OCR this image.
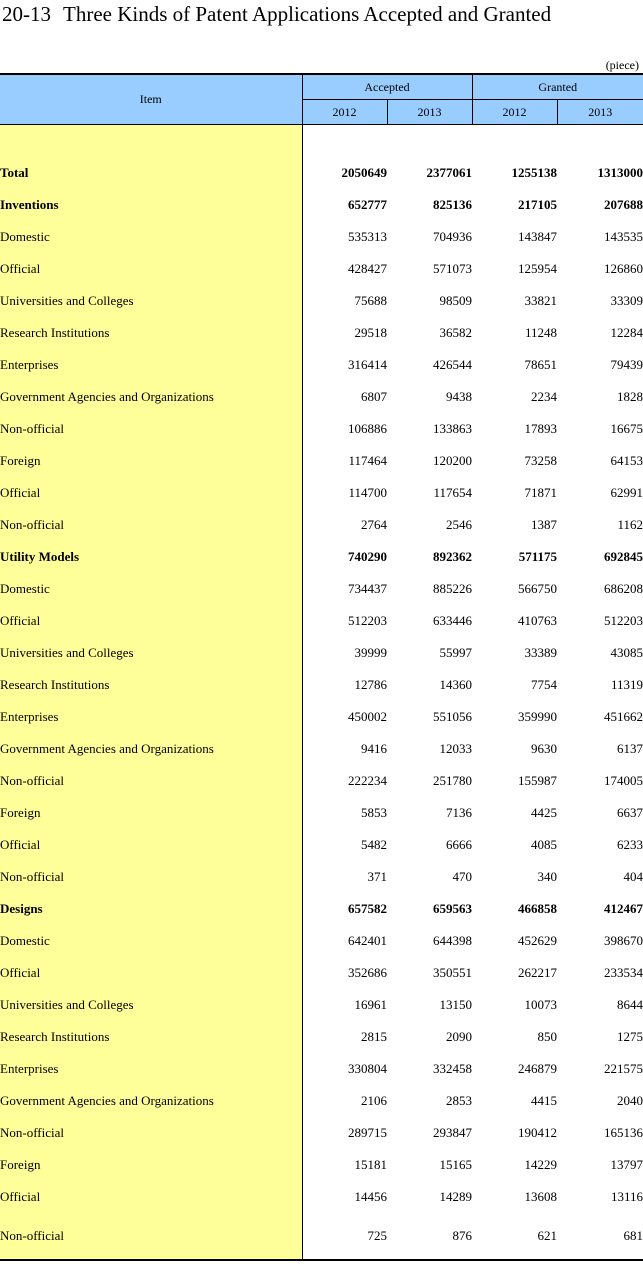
20-13 Three Kinds of Patent Applications Accepted and Granted
(piece)
Item	Accepted		Granted	
	2012	2013	2012	2013

Total	2050649	2377061	1255138	1313000
Inventions	652777	825136	217105	207688
Domestic	535313	704936	143847	143535
Official	428427	571073	125954	126860
Universities and Colleges	75688	98509	33821	33309
Research Institutions	29518	36582	11248	12284
Enterprises	316414	426544	78651	79439
Government Agencies and Organizations	6807	9438	2234	1828
Non-official	106886	133863	17893	16675
Foreign	117464	120200	73258	64153
Official	114700	117654	71871	62991
Non-official	2764	2546	1387	1162
Utility Models	740290	892362	571175	692845
Domestic	734437	885226	566750	686208
Official	512203	633446	410763	512203
Universities and Colleges	39999	55997	33389	43085
Research Institutions	12786	14360	7754	11319
Enterprises	450002	551056	359990	451662
Government Agencies and Organizations	9416	12033	9630	6137
Non-official	222234	251780	155987	174005
Foreign	5853	7136	4425	6637
Official	5482	6666	4085	6233
Non-official	371	470	340	404
Designs	657582	659563	466858	412467
Domestic	642401	644398	452629	398670
Official	352686	350551	262217	233534
Universities and Colleges	16961	13150	10073	8644
Research Institutions	2815	2090	850	1275
Enterprises	330804	332458	246879	221575
Government Agencies and Organizations	2106	2853	4415	2040
Non-official	289715	293847	190412	165136
Foreign	15181	15165	14229	13797
Official	14456	14289	13608	13116
Non-official	725	876	621	681
